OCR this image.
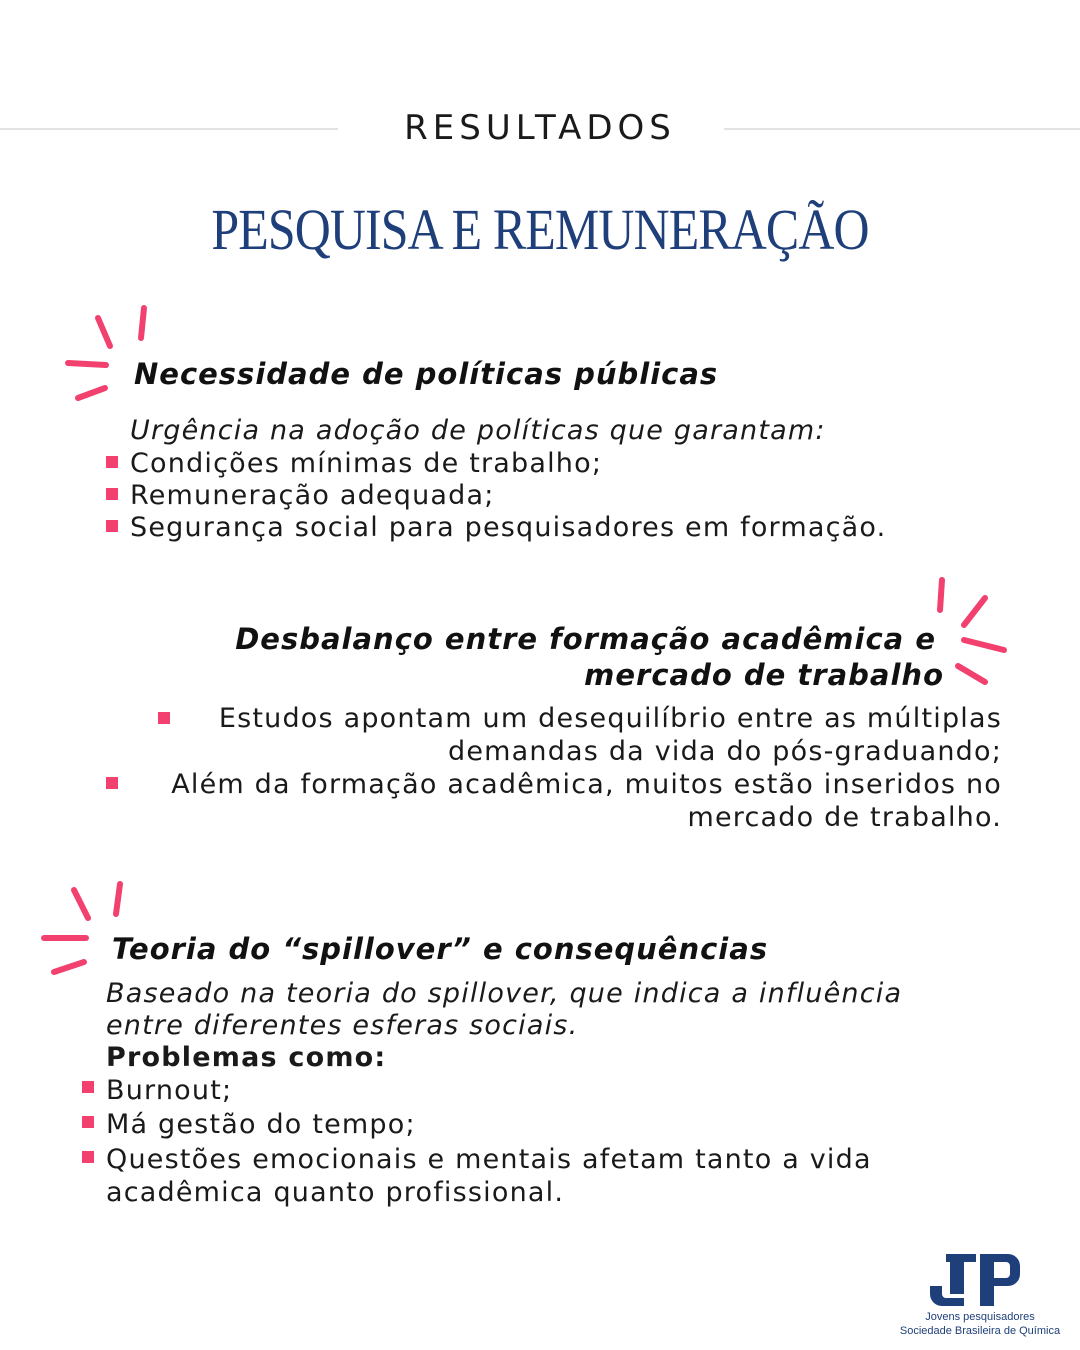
RESULTADOS
PESQUISA E REMUNERAÇÃO
Necessidade de políticas públicas
Urgência na adoção de políticas que garantam:
Condições mínimas de trabalho;
Remuneração adequada;
Segurança social para pesquisadores em formação.
Desbalanço entre formação acadêmica e
mercado de trabalho
Estudos apontam um desequilíbrio entre as múltiplas
demandas da vida do pós-graduando;
Além da formação acadêmica, muitos estão inseridos no
mercado de trabalho.
Teoria do “spillover” e consequências
Baseado na teoria do spillover, que indica a influência
entre diferentes esferas sociais.
Problemas como:
Burnout;
Má gestão do tempo;
Questões emocionais e mentais afetam tanto a vida
acadêmica quanto profissional.
Jovens pesquisadores
Sociedade Brasileira de Química
